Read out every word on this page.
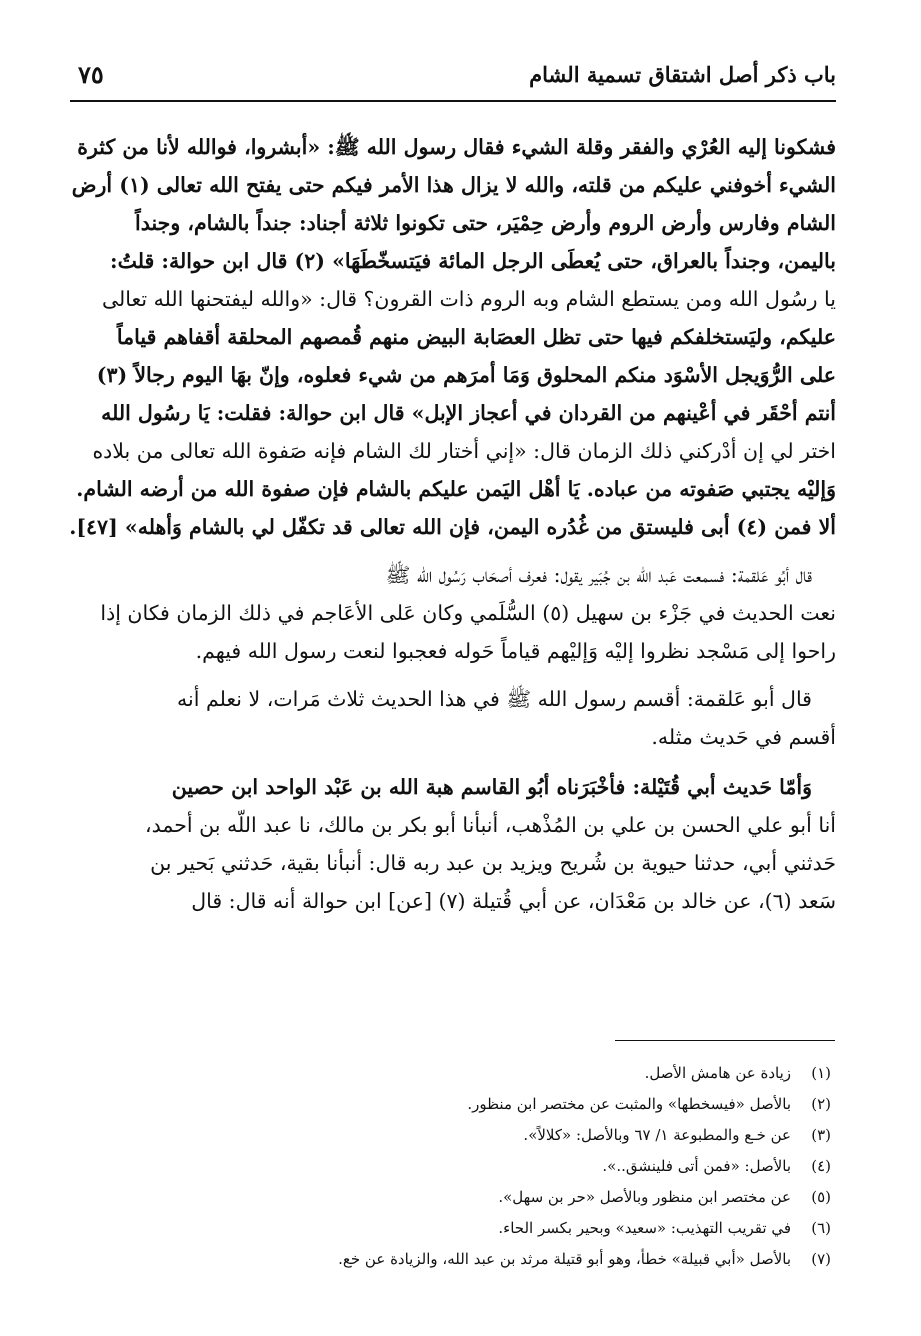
٧٥	باب ذكر أصل اشتقاق تسمية الشام
فشكونا إليه العُرْي والفقر وقلة الشيء فقال رسول الله ﷺ: «أبشروا، فوالله لأنا من كثرة
الشيء أخوفني عليكم من قلته، والله لا يزال هذا الأمر فيكم حتى يفتح الله تعالى (١) أرض
الشام وفارس وأرض الروم وأرض حِمْيَر، حتى تكونوا ثلاثة أجناد: جنداً بالشام، وجنداً
باليمن، وجنداً بالعراق، حتى يُعطَى الرجل المائة فيَتسخّطَهَا» (٢) قال ابن حوالة: قلتُ:
يا رسُول الله ومن يستطع الشام وبه الروم ذات القرون؟ قال: «والله ليفتحنها الله تعالى
عليكم، وليَستخلفكم فيها حتى تظل العصَابة البيض منهم قُمصهم المحلقة أقفاهم قياماً
على الرُّوَيجل الأسْوَد منكم المحلوق وَمَا أمرَهم من شيء فعلوه، وإنّ بهَا اليوم رجالاً (٣)
أنتم أحْقَر في أعْينهم من القردان في أعجاز الإبل» قال ابن حوالة: فقلت: يَا رسُول الله
اختر لي إن أدْركني ذلك الزمان قال: «إني أختار لك الشام فإنه صَفوة الله تعالى من بلاده
وَإليْه يجتبي صَفوته من عباده. يَا أهْل اليَمن عليكم بالشام فإن صفوة الله من أرضه الشام.
ألا فمن (٤) أبى فليستق من غُدُره اليمن، فإن الله تعالى قد تكفّل لي بالشام وَأهله» [٤٧].
قال أبُو عَلقمة: فسمعت عَبد الله بن جُبَير يقول: فعرف أصحَاب رَسُول الله ﷺ
نعت الحديث في جَزْء بن سهيل (٥) السُّلَمي وكان عَلى الأعَاجم في ذلك الزمان فكان إذا
راحوا إلى مَسْجد نظروا إليْه وَإليْهم قياماً حَوله فعجبوا لنعت رسول الله فيهم.
قال أبو عَلقمة: أقسم رسول الله ﷺ في هذا الحديث ثلاث مَرات، لا نعلم أنه
أقسم في حَديث مثله.
وَأمّا حَديث أبي قُتَيْلة: فأخْبَرَناه أبُو القاسم هبة الله بن عَبْد الواحد ابن حصين
أنا أبو علي الحسن بن علي بن المُذْهب، أنبأنا أبو بكر بن مالك، نا عبد اللّه بن أحمد،
حَدثني أبي، حدثنا حيوية بن شُريح ويزيد بن عبد ربه قال: أنبأنا بقية، حَدثني بَحير بن
سَعد (٦)، عن خالد بن مَعْدَان، عن أبي قُتيلة (٧) [عن] ابن حوالة أنه قال: قال
(١)زيادة عن هامش الأصل.
(٢)بالأصل «فيسخطها» والمثبت عن مختصر ابن منظور.
(٣)عن خـع والمطبوعة ١/ ٦٧ وبالأصل: «كلالاً».
(٤)بالأصل: «فمن أتى فلينشق..».
(٥)عن مختصر ابن منظور وبالأصل «حر بن سهل».
(٦)في تقريب التهذيب: «سعيد» وبحير بكسر الحاء.
(٧)بالأصل «أبي قبيلة» خطأ، وهو أبو قتيلة مرثد بن عبد الله، والزيادة عن خع.
